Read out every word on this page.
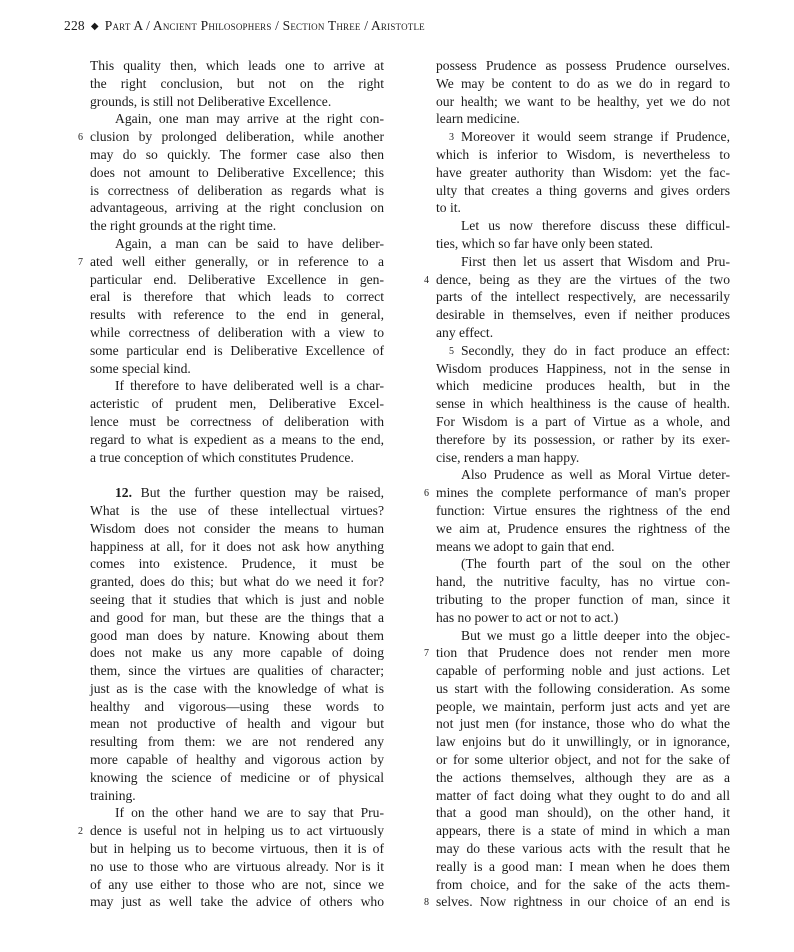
228 ◆ Part A / Ancient Philosophers / Section Three / Aristotle
This quality then, which leads one to arrive at
the right conclusion, but not on the right
grounds, is still not Deliberative Excellence.
Again, one man may arrive at the right con-
6 clusion by prolonged deliberation, while another
may do so quickly. The former case also then
does not amount to Deliberative Excellence; this
is correctness of deliberation as regards what is
advantageous, arriving at the right conclusion on
the right grounds at the right time.
Again, a man can be said to have deliber-
7 ated well either generally, or in reference to a
particular end. Deliberative Excellence in gen-
eral is therefore that which leads to correct
results with reference to the end in general,
while correctness of deliberation with a view to
some particular end is Deliberative Excellence of
some special kind.
If therefore to have deliberated well is a char-
acteristic of prudent men, Deliberative Excel-
lence must be correctness of deliberation with
regard to what is expedient as a means to the end,
a true conception of which constitutes Prudence.
12. But the further question may be raised,
What is the use of these intellectual virtues?
Wisdom does not consider the means to human
happiness at all, for it does not ask how anything
comes into existence. Prudence, it must be
granted, does do this; but what do we need it for?
seeing that it studies that which is just and noble
and good for man, but these are the things that a
good man does by nature. Knowing about them
does not make us any more capable of doing
them, since the virtues are qualities of character;
just as is the case with the knowledge of what is
healthy and vigorous—using these words to
mean not productive of health and vigour but
resulting from them: we are not rendered any
more capable of healthy and vigorous action by
knowing the science of medicine or of physical
training.
If on the other hand we are to say that Pru-
2 dence is useful not in helping us to act virtuously
but in helping us to become virtuous, then it is of
no use to those who are virtuous already. Nor is it
of any use either to those who are not, since we
may just as well take the advice of others who
possess Prudence as possess Prudence ourselves.
We may be content to do as we do in regard to
our health; we want to be healthy, yet we do not
learn medicine.
3 Moreover it would seem strange if Prudence,
which is inferior to Wisdom, is nevertheless to
have greater authority than Wisdom: yet the fac-
ulty that creates a thing governs and gives orders
to it.
Let us now therefore discuss these difficul-
ties, which so far have only been stated.
First then let us assert that Wisdom and Pru-
4 dence, being as they are the virtues of the two
parts of the intellect respectively, are necessarily
desirable in themselves, even if neither produces
any effect.
5 Secondly, they do in fact produce an effect:
Wisdom produces Happiness, not in the sense in
which medicine produces health, but in the
sense in which healthiness is the cause of health.
For Wisdom is a part of Virtue as a whole, and
therefore by its possession, or rather by its exer-
cise, renders a man happy.
Also Prudence as well as Moral Virtue deter-
6 mines the complete performance of man's proper
function: Virtue ensures the rightness of the end
we aim at, Prudence ensures the rightness of the
means we adopt to gain that end.
(The fourth part of the soul on the other
hand, the nutritive faculty, has no virtue con-
tributing to the proper function of man, since it
has no power to act or not to act.)
But we must go a little deeper into the objec-
7 tion that Prudence does not render men more
capable of performing noble and just actions. Let
us start with the following consideration. As some
people, we maintain, perform just acts and yet are
not just men (for instance, those who do what the
law enjoins but do it unwillingly, or in ignorance,
or for some ulterior object, and not for the sake of
the actions themselves, although they are as a
matter of fact doing what they ought to do and all
that a good man should), on the other hand, it
appears, there is a state of mind in which a man
may do these various acts with the result that he
really is a good man: I mean when he does them
from choice, and for the sake of the acts them-
8 selves. Now rightness in our choice of an end is
